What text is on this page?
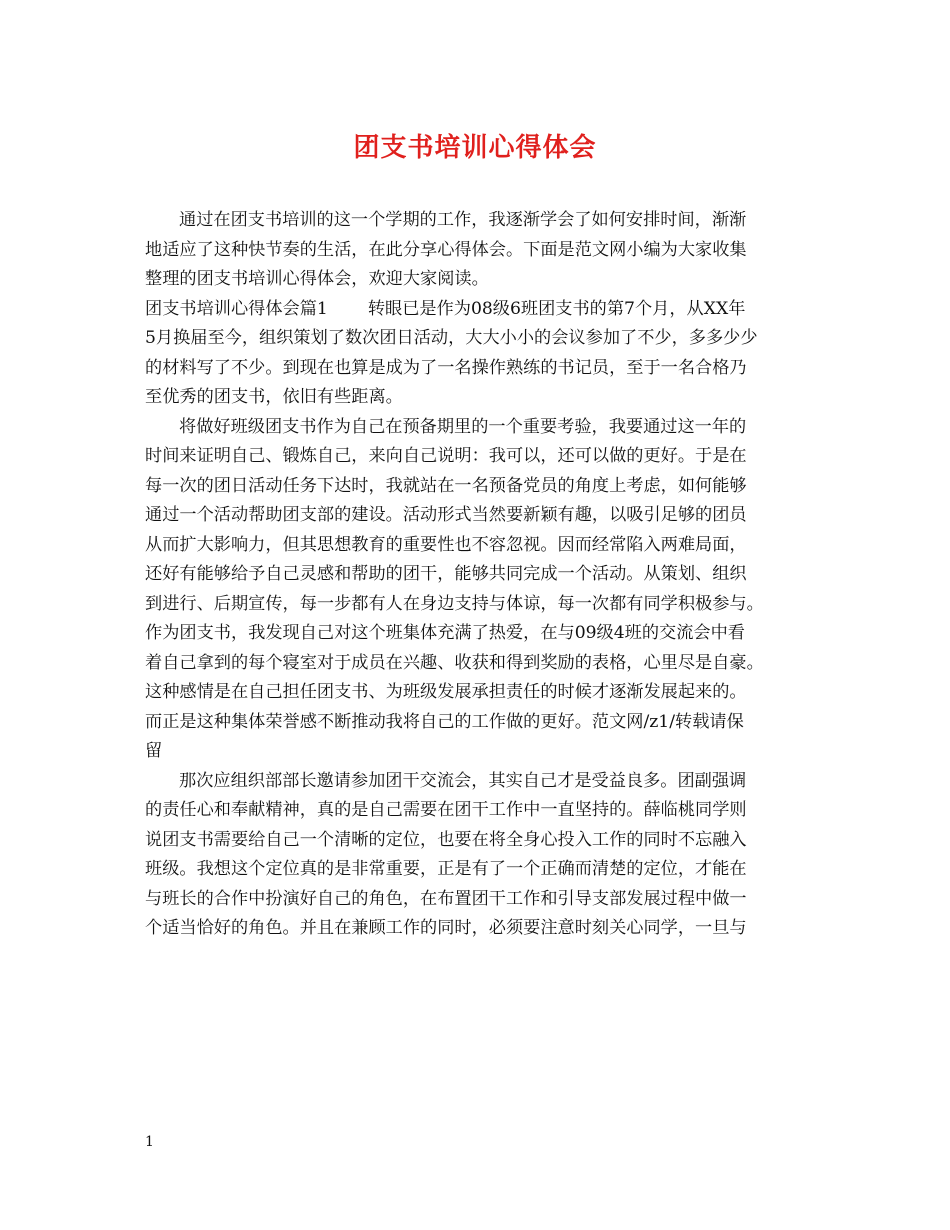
团支书培训心得体会
通过在团支书培训的这一个学期的工作，我逐渐学会了如何安排时间，渐渐
地适应了这种快节奏的生活，在此分享心得体会。下面是范文网小编为大家收集
整理的团支书培训心得体会，欢迎大家阅读。
团支书培训心得体会篇1 转眼已是作为08级6班团支书的第7个月，从XX年
5月换届至今，组织策划了数次团日活动，大大小小的会议参加了不少，多多少少
的材料写了不少。到现在也算是成为了一名操作熟练的书记员，至于一名合格乃
至优秀的团支书，依旧有些距离。
将做好班级团支书作为自己在预备期里的一个重要考验，我要通过这一年的
时间来证明自己、锻炼自己，来向自己说明：我可以，还可以做的更好。于是在
每一次的团日活动任务下达时，我就站在一名预备党员的角度上考虑，如何能够
通过一个活动帮助团支部的建设。活动形式当然要新颖有趣，以吸引足够的团员
从而扩大影响力，但其思想教育的重要性也不容忽视。因而经常陷入两难局面，
还好有能够给予自己灵感和帮助的团干，能够共同完成一个活动。从策划、组织
到进行、后期宣传，每一步都有人在身边支持与体谅，每一次都有同学积极参与。
作为团支书，我发现自己对这个班集体充满了热爱，在与09级4班的交流会中看
着自己拿到的每个寝室对于成员在兴趣、收获和得到奖励的表格，心里尽是自豪。
这种感情是在自己担任团支书、为班级发展承担责任的时候才逐渐发展起来的。
而正是这种集体荣誉感不断推动我将自己的工作做的更好。范文网/z1/转载请保
留
那次应组织部部长邀请参加团干交流会，其实自己才是受益良多。团副强调
的责任心和奉献精神，真的是自己需要在团干工作中一直坚持的。薛临桃同学则
说团支书需要给自己一个清晰的定位，也要在将全身心投入工作的同时不忘融入
班级。我想这个定位真的是非常重要，正是有了一个正确而清楚的定位，才能在
与班长的合作中扮演好自己的角色，在布置团干工作和引导支部发展过程中做一
个适当恰好的角色。并且在兼顾工作的同时，必须要注意时刻关心同学，一旦与
1
